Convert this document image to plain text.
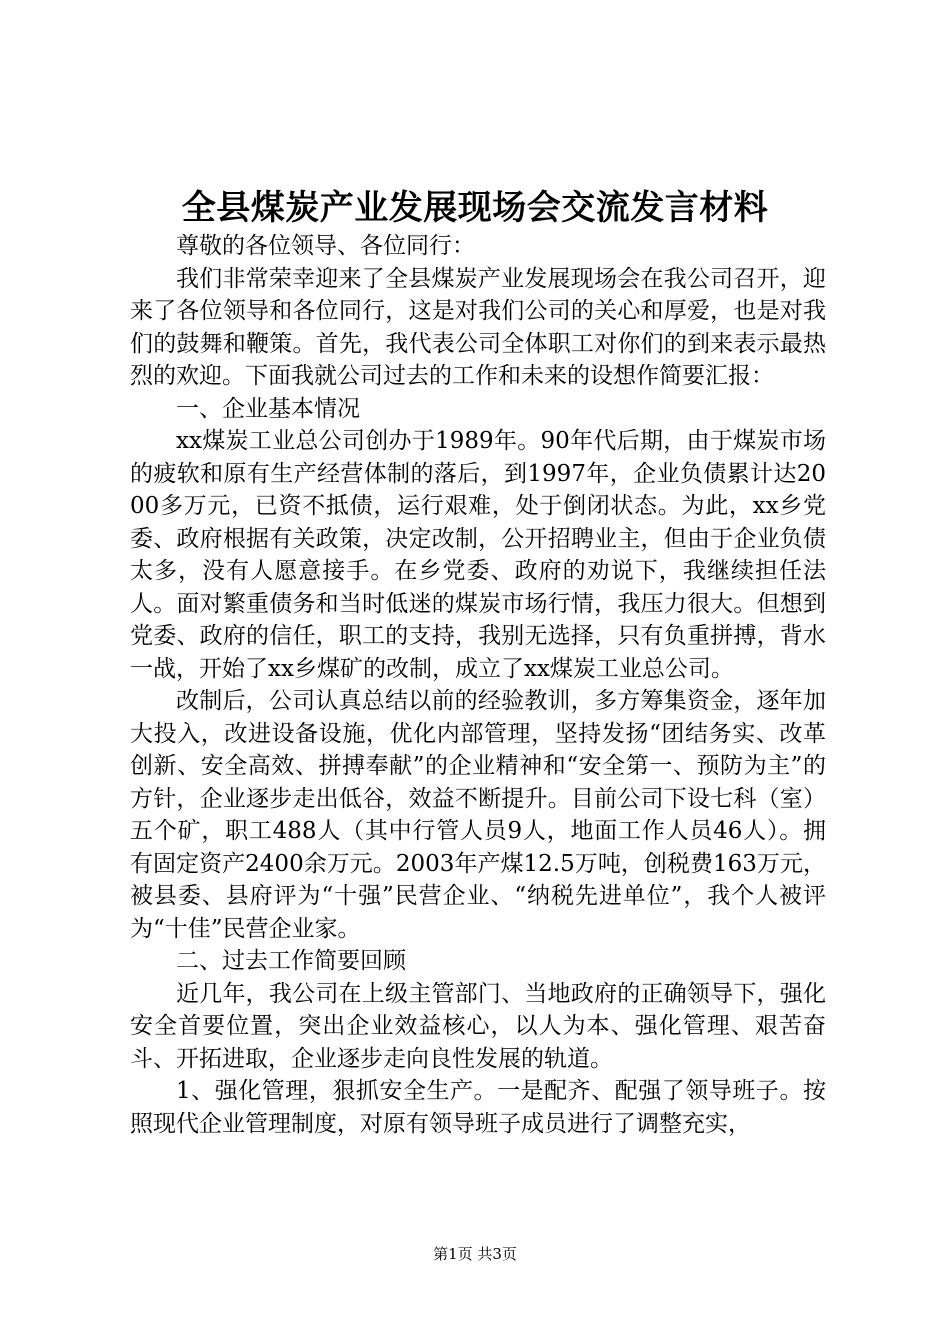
全县煤炭产业发展现场会交流发言材料

尊敬的各位领导、各位同行：

我们非常荣幸迎来了全县煤炭产业发展现场会在我公司召开，迎来了各位领导和各位同行，这是对我们公司的关心和厚爱，也是对我们的鼓舞和鞭策。首先，我代表公司全体职工对你们的到来表示最热烈的欢迎。下面我就公司过去的工作和未来的设想作简要汇报：

一、企业基本情况

xx煤炭工业总公司创办于1989年。90年代后期，由于煤炭市场的疲软和原有生产经营体制的落后，到1997年，企业负债累计达2000多万元，已资不抵债，运行艰难，处于倒闭状态。为此，xx乡党委、政府根据有关政策，决定改制，公开招聘业主，但由于企业负债太多，没有人愿意接手。在乡党委、政府的劝说下，我继续担任法人。面对繁重债务和当时低迷的煤炭市场行情，我压力很大。但想到党委、政府的信任，职工的支持，我别无选择，只有负重拼搏，背水一战，开始了xx乡煤矿的改制，成立了xx煤炭工业总公司。

改制后，公司认真总结以前的经验教训，多方筹集资金，逐年加大投入，改进设备设施，优化内部管理，坚持发扬“团结务实、改革创新、安全高效、拼搏奉献”的企业精神和“安全第一、预防为主”的方针，企业逐步走出低谷，效益不断提升。目前公司下设七科（室）五个矿，职工488人（其中行管人员9人，地面工作人员46人）。拥有固定资产2400余万元。2003年产煤12.5万吨，创税费163万元，被县委、县府评为“十强”民营企业、“纳税先进单位”，我个人被评为“十佳”民营企业家。

二、过去工作简要回顾

近几年，我公司在上级主管部门、当地政府的正确领导下，强化安全首要位置，突出企业效益核心，以人为本、强化管理、艰苦奋斗、开拓进取，企业逐步走向良性发展的轨道。

1、强化管理，狠抓安全生产。一是配齐、配强了领导班子。按照现代企业管理制度，对原有领导班子成员进行了调整充实，

第1页 共3页
